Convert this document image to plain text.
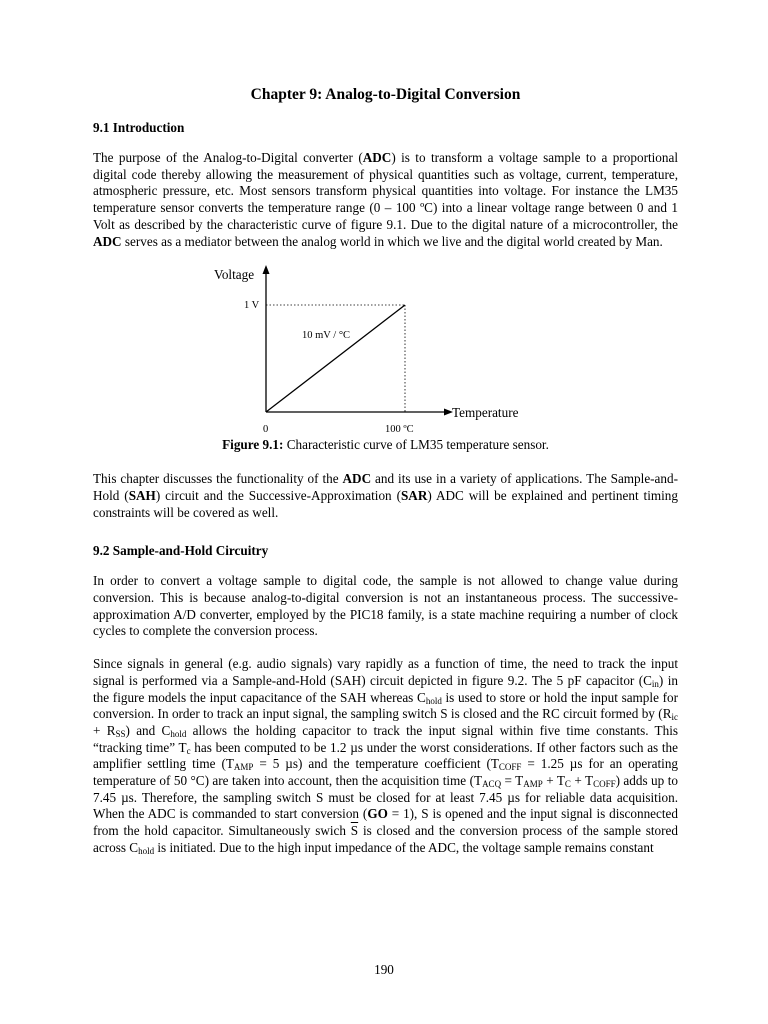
Chapter 9: Analog-to-Digital Conversion
9.1 Introduction

The purpose of the Analog-to-Digital converter (ADC) is to transform a voltage sample to a proportional digital code thereby allowing the measurement of physical quantities such as voltage, current, temperature, atmospheric pressure, etc. Most sensors transform physical quantities into voltage. For instance the LM35 temperature sensor converts the temperature range (0 – 100 ºC) into a linear voltage range between 0 and 1 Volt as described by the characteristic curve of figure 9.1. Due to the digital nature of a microcontroller, the ADC serves as a mediator between the analog world in which we live and the digital world created by Man.

Voltage
1 V
10 mV / °C
Temperature
0	100 ºC
Figure 9.1: Characteristic curve of LM35 temperature sensor.

This chapter discusses the functionality of the ADC and its use in a variety of applications. The Sample-and-Hold (SAH) circuit and the Successive-Approximation (SAR) ADC will be explained and pertinent timing constraints will be covered as well.

9.2 Sample-and-Hold Circuitry

In order to convert a voltage sample to digital code, the sample is not allowed to change value during conversion. This is because analog-to-digital conversion is not an instantaneous process. The successive-approximation A/D converter, employed by the PIC18 family, is a state machine requiring a number of clock cycles to complete the conversion process.

Since signals in general (e.g. audio signals) vary rapidly as a function of time, the need to track the input signal is performed via a Sample-and-Hold (SAH) circuit depicted in figure 9.2. The 5 pF capacitor $(C_{in})$ in the figure models the input capacitance of the SAH whereas $C_{hold}$ is used to store or hold the input sample for conversion. In order to track an input signal, the sampling switch S is closed and the RC circuit formed by $(R_{ic} + R_{SS})$ and $C_{hold}$ allows the holding capacitor to track the input signal within five time constants. This “tracking time” $T_c$ has been computed to be 1.2 µs under the worst considerations. If other factors such as the amplifier settling time ($T_{AMP} = 5$ µs) and the temperature coefficient ($T_{COFF} = 1.25$ µs for an operating temperature of 50 °C) are taken into account, then the acquisition time $(T_{ACQ} = T_{AMP} + T_C + T_{COFF})$ adds up to 7.45 µs. Therefore, the sampling switch S must be closed for at least 7.45 µs for reliable data acquisition. When the ADC is commanded to start conversion (GO = 1), S is opened and the input signal is disconnected from the hold capacitor. Simultaneously swich $\overline{S}$ is closed and the conversion process of the sample stored across $C_{hold}$ is initiated. Due to the high input impedance of the ADC, the voltage sample remains constant

190
